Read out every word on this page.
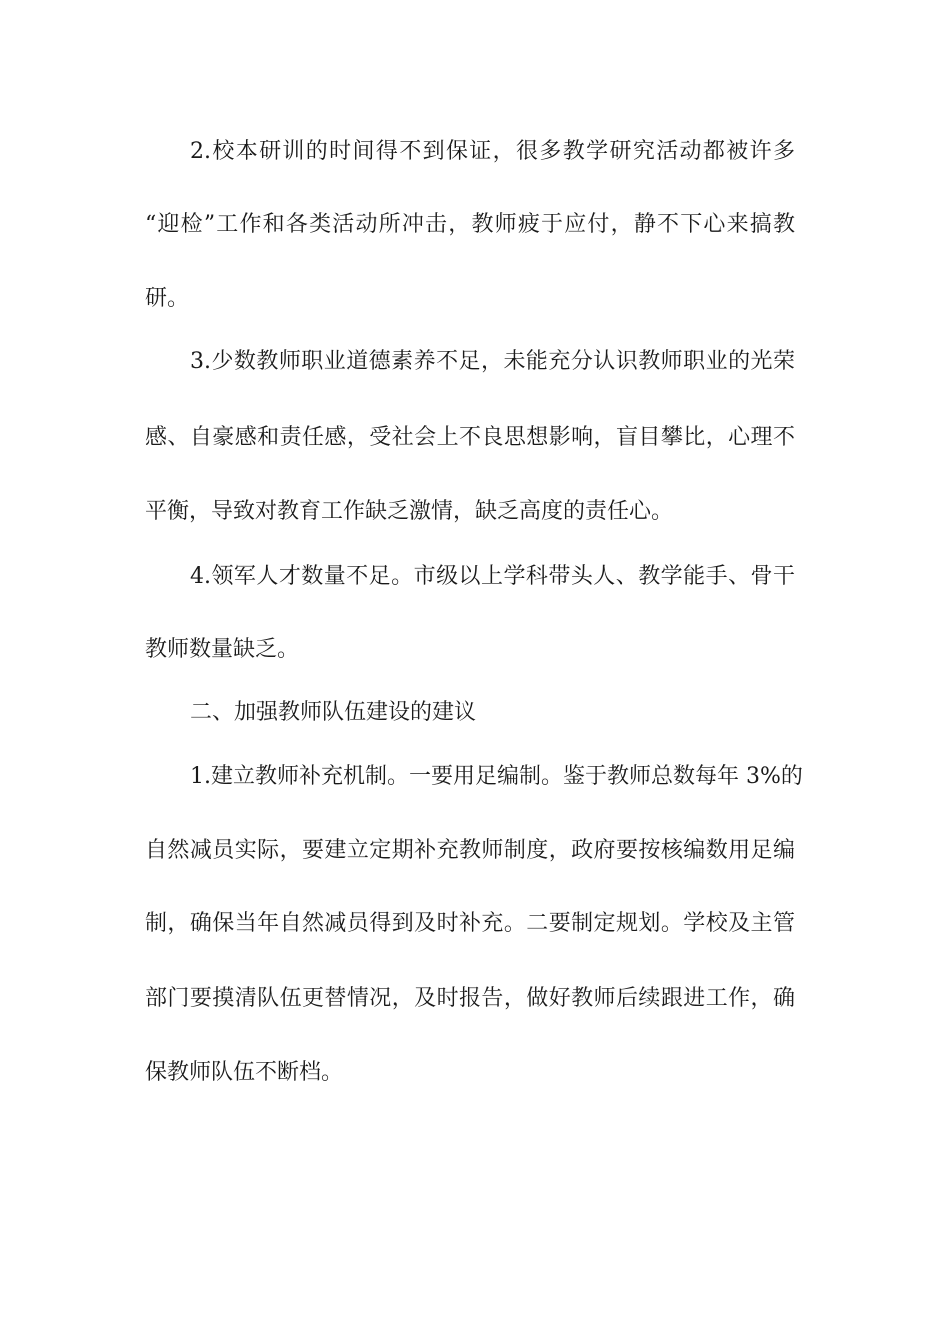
2.校本研训的时间得不到保证，很多教学研究活动都被许多
“迎检”工作和各类活动所冲击，教师疲于应付，静不下心来搞教
研。
3.少数教师职业道德素养不足，未能充分认识教师职业的光荣
感、自豪感和责任感，受社会上不良思想影响，盲目攀比，心理不
平衡，导致对教育工作缺乏激情，缺乏高度的责任心。
4.领军人才数量不足。市级以上学科带头人、教学能手、骨干
教师数量缺乏。
二、加强教师队伍建设的建议
1.建立教师补充机制。一要用足编制。鉴于教师总数每年 3%的
自然减员实际，要建立定期补充教师制度，政府要按核编数用足编
制，确保当年自然减员得到及时补充。二要制定规划。学校及主管
部门要摸清队伍更替情况，及时报告，做好教师后续跟进工作，确
保教师队伍不断档。
